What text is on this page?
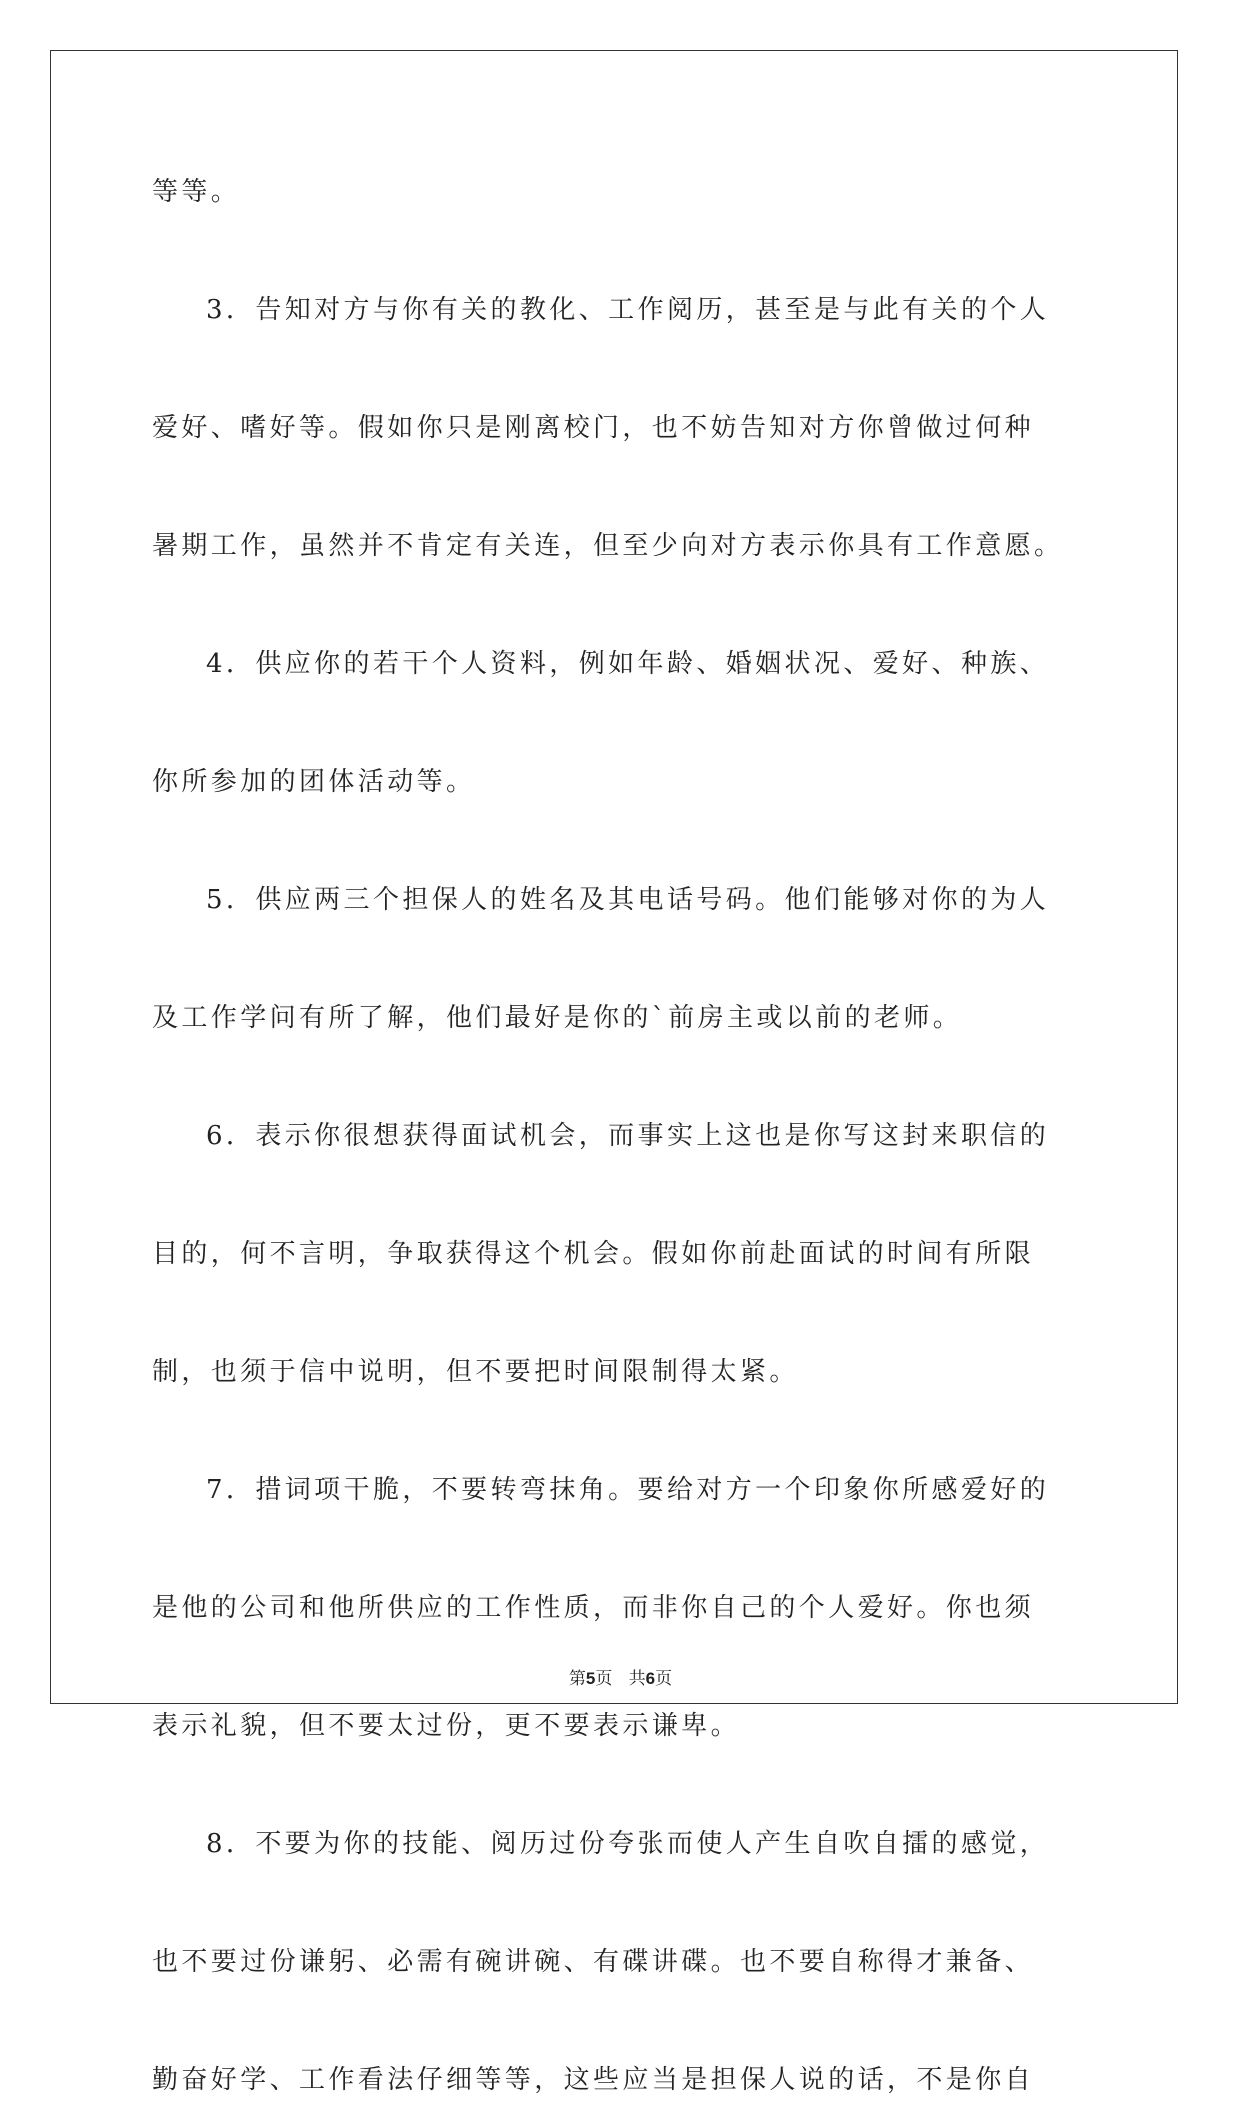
等等。
3．告知对方与你有关的教化、工作阅历，甚至是与此有关的个人
爱好、嗜好等。假如你只是刚离校门，也不妨告知对方你曾做过何种
暑期工作，虽然并不肯定有关连，但至少向对方表示你具有工作意愿。
4．供应你的若干个人资料，例如年龄、婚姻状况、爱好、种族、
你所参加的团体活动等。
5．供应两三个担保人的姓名及其电话号码。他们能够对你的为人
及工作学问有所了解，他们最好是你的`前房主或以前的老师。
6．表示你很想获得面试机会，而事实上这也是你写这封来职信的
目的，何不言明，争取获得这个机会。假如你前赴面试的时间有所限
制，也须于信中说明，但不要把时间限制得太紧。
7．措词项干脆，不要转弯抹角。要给对方一个印象你所感爱好的
是他的公司和他所供应的工作性质，而非你自己的个人爱好。你也须
表示礼貌，但不要太过份，更不要表示谦卑。
8．不要为你的技能、阅历过份夸张而使人产生自吹自擂的感觉，
也不要过份谦躬、必需有碗讲碗、有碟讲碟。也不要自称得才兼备、
勤奋好学、工作看法仔细等等，这些应当是担保人说的话，不是你自
第5页 共6页
